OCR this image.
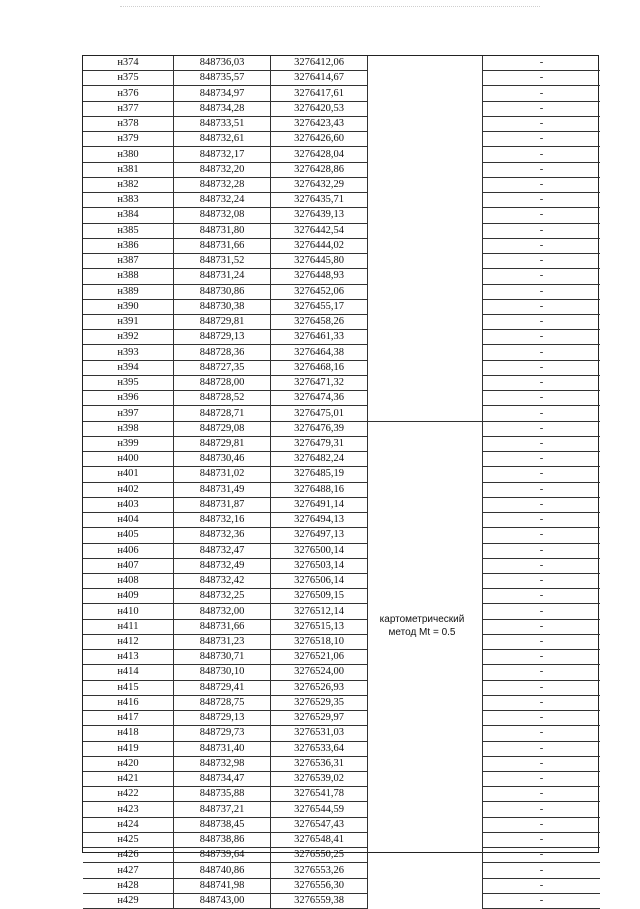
н374	848736,03	3276412,06		-
н375	848735,57	3276414,67		-
н376	848734,97	3276417,61		-
н377	848734,28	3276420,53		-
н378	848733,51	3276423,43		-
н379	848732,61	3276426,60		-
н380	848732,17	3276428,04		-
н381	848732,20	3276428,86		-
н382	848732,28	3276432,29		-
н383	848732,24	3276435,71		-
н384	848732,08	3276439,13		-
н385	848731,80	3276442,54		-
н386	848731,66	3276444,02		-
н387	848731,52	3276445,80		-
н388	848731,24	3276448,93		-
н389	848730,86	3276452,06		-
н390	848730,38	3276455,17		-
н391	848729,81	3276458,26		-
н392	848729,13	3276461,33		-
н393	848728,36	3276464,38		-
н394	848727,35	3276468,16		-
н395	848728,00	3276471,32		-
н396	848728,52	3276474,36		-
н397	848728,71	3276475,01		-
н398	848729,08	3276476,39		-
н399	848729,81	3276479,31		-
н400	848730,46	3276482,24		-
н401	848731,02	3276485,19		-
н402	848731,49	3276488,16		-
н403	848731,87	3276491,14		-
н404	848732,16	3276494,13		-
н405	848732,36	3276497,13		-
н406	848732,47	3276500,14		-
н407	848732,49	3276503,14		-
н408	848732,42	3276506,14		-
н409	848732,25	3276509,15		-
н410	848732,00	3276512,14		-
н411	848731,66	3276515,13		-
н412	848731,23	3276518,10		-
н413	848730,71	3276521,06		-
н414	848730,10	3276524,00		-
н415	848729,41	3276526,93		-
н416	848728,75	3276529,35		-
н417	848729,13	3276529,97		-
н418	848729,73	3276531,03		-
н419	848731,40	3276533,64		-
н420	848732,98	3276536,31		-
н421	848734,47	3276539,02		-
н422	848735,88	3276541,78		-
н423	848737,21	3276544,59		-
н424	848738,45	3276547,43		-
н425	848738,86	3276548,41		-
н426	848739,64	3276550,25		-
н427	848740,86	3276553,26		-
н428	848741,98	3276556,30		-
н429	848743,00	3276559,38		-
картометрический метод Mt = 0.5
